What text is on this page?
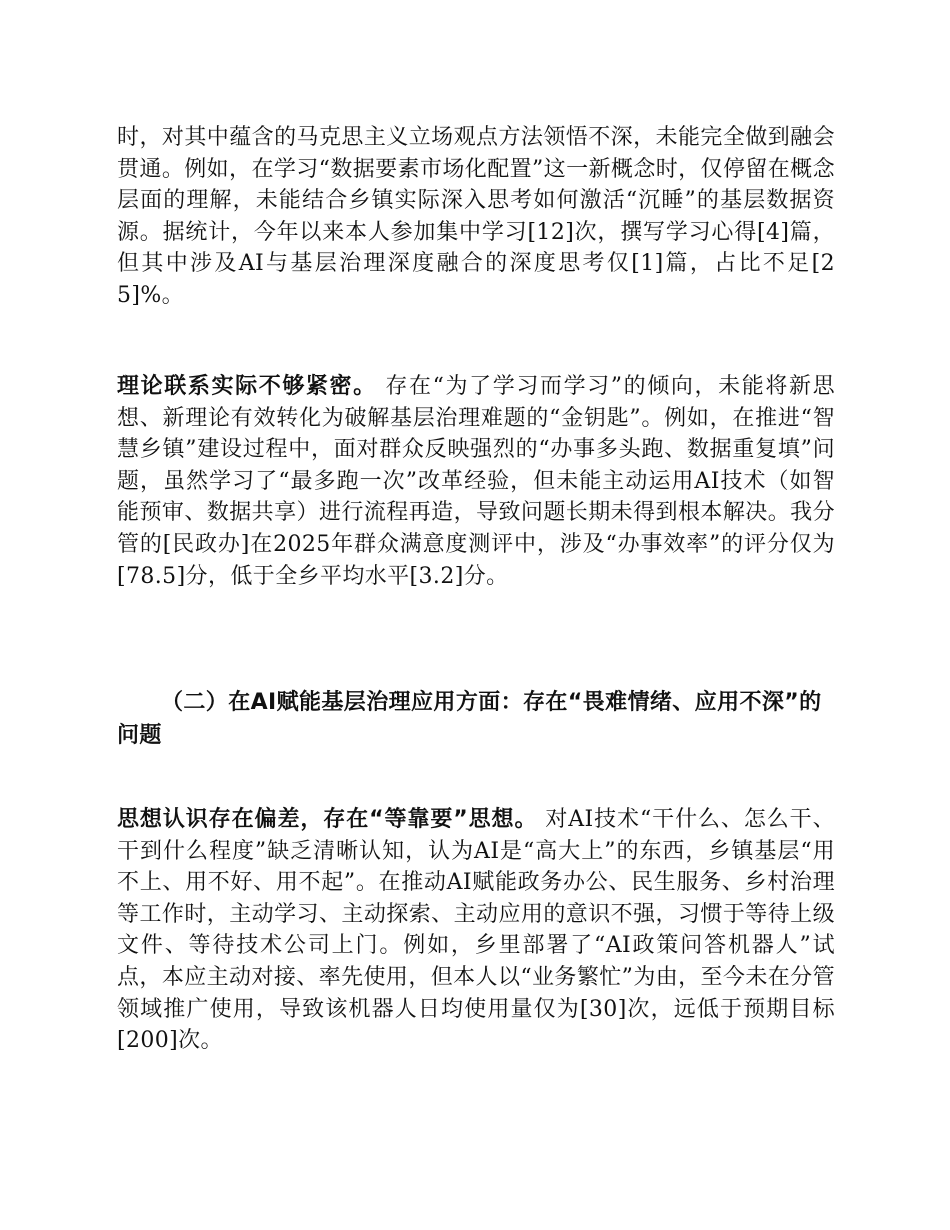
时，对其中蕴含的马克思主义立场观点方法领悟不深，未能完全做到融会贯通。例如，在学习“数据要素市场化配置”这一新概念时，仅停留在概念层面的理解，未能结合乡镇实际深入思考如何激活“沉睡”的基层数据资源。据统计，今年以来本人参加集中学习[12]次，撰写学习心得[4]篇，但其中涉及AI与基层治理深度融合的深度思考仅[1]篇，占比不足[25]%。

理论联系实际不够紧密。 存在“为了学习而学习”的倾向，未能将新思想、新理论有效转化为破解基层治理难题的“金钥匙”。例如，在推进“智慧乡镇”建设过程中，面对群众反映强烈的“办事多头跑、数据重复填”问题，虽然学习了“最多跑一次”改革经验，但未能主动运用AI技术（如智能预审、数据共享）进行流程再造，导致问题长期未得到根本解决。我分管的[民政办]在2025年群众满意度测评中，涉及“办事效率”的评分仅为[78.5]分，低于全乡平均水平[3.2]分。

（二）在AI赋能基层治理应用方面：存在“畏难情绪、应用不深”的问题

思想认识存在偏差，存在“等靠要”思想。 对AI技术“干什么、怎么干、干到什么程度”缺乏清晰认知，认为AI是“高大上”的东西，乡镇基层“用不上、用不好、用不起”。在推动AI赋能政务办公、民生服务、乡村治理等工作时，主动学习、主动探索、主动应用的意识不强，习惯于等待上级文件、等待技术公司上门。例如，乡里部署了“AI政策问答机器人”试点，本应主动对接、率先使用，但本人以“业务繁忙”为由，至今未在分管领域推广使用，导致该机器人日均使用量仅为[30]次，远低于预期目标[200]次。
